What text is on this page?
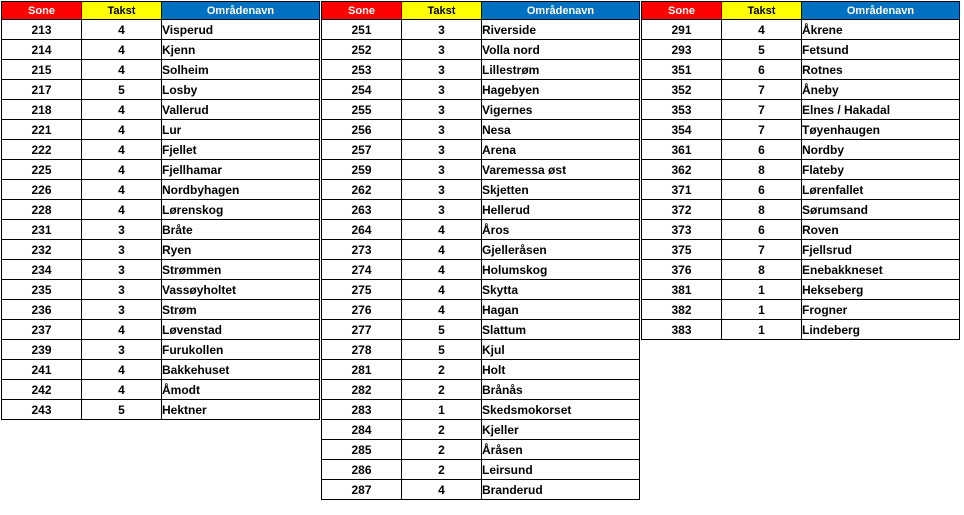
Sone	Takst	Områdenavn
213	4	Visperud
214	4	Kjenn
215	4	Solheim
217	5	Losby
218	4	Vallerud
221	4	Lur
222	4	Fjellet
225	4	Fjellhamar
226	4	Nordbyhagen
228	4	Lørenskog
231	3	Bråte
232	3	Ryen
234	3	Strømmen
235	3	Vassøyholtet
236	3	Strøm
237	4	Løvenstad
239	3	Furukollen
241	4	Bakkehuset
242	4	Åmodt
243	5	Hektner
Sone	Takst	Områdenavn
251	3	Riverside
252	3	Volla nord
253	3	Lillestrøm
254	3	Hagebyen
255	3	Vigernes
256	3	Nesa
257	3	Arena
259	3	Varemessa øst
262	3	Skjetten
263	3	Hellerud
264	4	Åros
273	4	Gjelleråsen
274	4	Holumskog
275	4	Skytta
276	4	Hagan
277	5	Slattum
278	5	Kjul
281	2	Holt
282	2	Brånås
283	1	Skedsmokorset
284	2	Kjeller
285	2	Åråsen
286	2	Leirsund
287	4	Branderud
Sone	Takst	Områdenavn
291	4	Åkrene
293	5	Fetsund
351	6	Rotnes
352	7	Åneby
353	7	Elnes / Hakadal
354	7	Tøyenhaugen
361	6	Nordby
362	8	Flateby
371	6	Lørenfallet
372	8	Sørumsand
373	6	Roven
375	7	Fjellsrud
376	8	Enebakkneset
381	1	Hekseberg
382	1	Frogner
383	1	Lindeberg
